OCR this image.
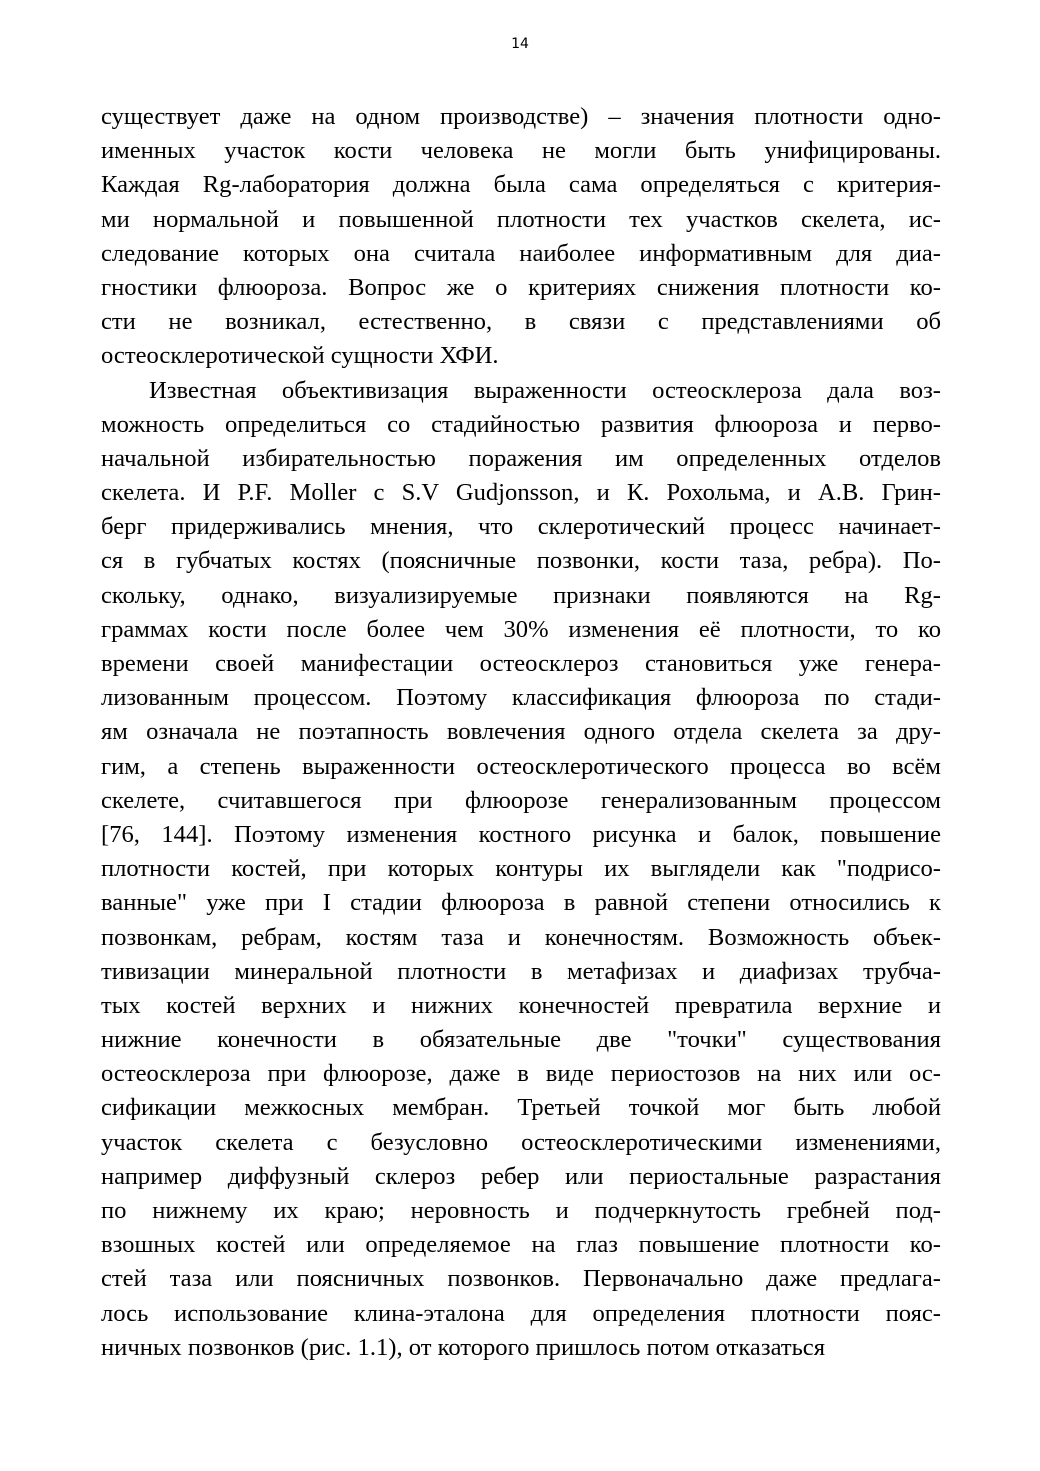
14
существует даже на одном производстве) – значения плотности одно-
именных участок кости человека не могли быть унифицированы.
Каждая Rg-лаборатория должна была сама определяться с критерия-
ми нормальной и повышенной плотности тех участков скелета, ис-
следование которых она считала наиболее информативным для диа-
гностики флюороза. Вопрос же о критериях снижения плотности ко-
сти не возникал, естественно, в связи с представлениями об
остеосклеротической сущности ХФИ.
Известная объективизация выраженности остеосклероза дала воз-
можность определиться со стадийностью развития флюороза и перво-
начальной избирательностью поражения им определенных отделов
скелета. И P.F. Moller с S.V Gudjonsson, и К. Рохольма, и А.В. Грин-
берг придерживались мнения, что склеротический процесс начинает-
ся в губчатых костях (поясничные позвонки, кости таза, ребра). По-
скольку, однако, визуализируемые признаки появляются на Rg-
граммах кости после более чем 30% изменения её плотности, то ко
времени своей манифестации остеосклероз становиться уже генера-
лизованным процессом. Поэтому классификация флюороза по стади-
ям означала не поэтапность вовлечения одного отдела скелета за дру-
гим, а степень выраженности остеосклеротического процесса во всём
скелете, считавшегося при флюорозе генерализованным процессом
[76, 144]. Поэтому изменения костного рисунка и балок, повышение
плотности костей, при которых контуры их выглядели как "подрисо-
ванные" уже при I стадии флюороза в равной степени относились к
позвонкам, ребрам, костям таза и конечностям. Возможность объек-
тивизации минеральной плотности в метафизах и диафизах трубча-
тых костей верхних и нижних конечностей превратила верхние и
нижние конечности в обязательные две "точки" существования
остеосклероза при флюорозе, даже в виде периостозов на них или ос-
сификации межкосных мембран. Третьей точкой мог быть любой
участок скелета с безусловно остеосклеротическими изменениями,
например диффузный склероз ребер или периостальные разрастания
по нижнему их краю; неровность и подчеркнутость гребней под-
взошных костей или определяемое на глаз повышение плотности ко-
стей таза или поясничных позвонков. Первоначально даже предлага-
лось использование клина-эталона для определения плотности пояс-
ничных позвонков (рис. 1.1), от которого пришлось потом отказаться
